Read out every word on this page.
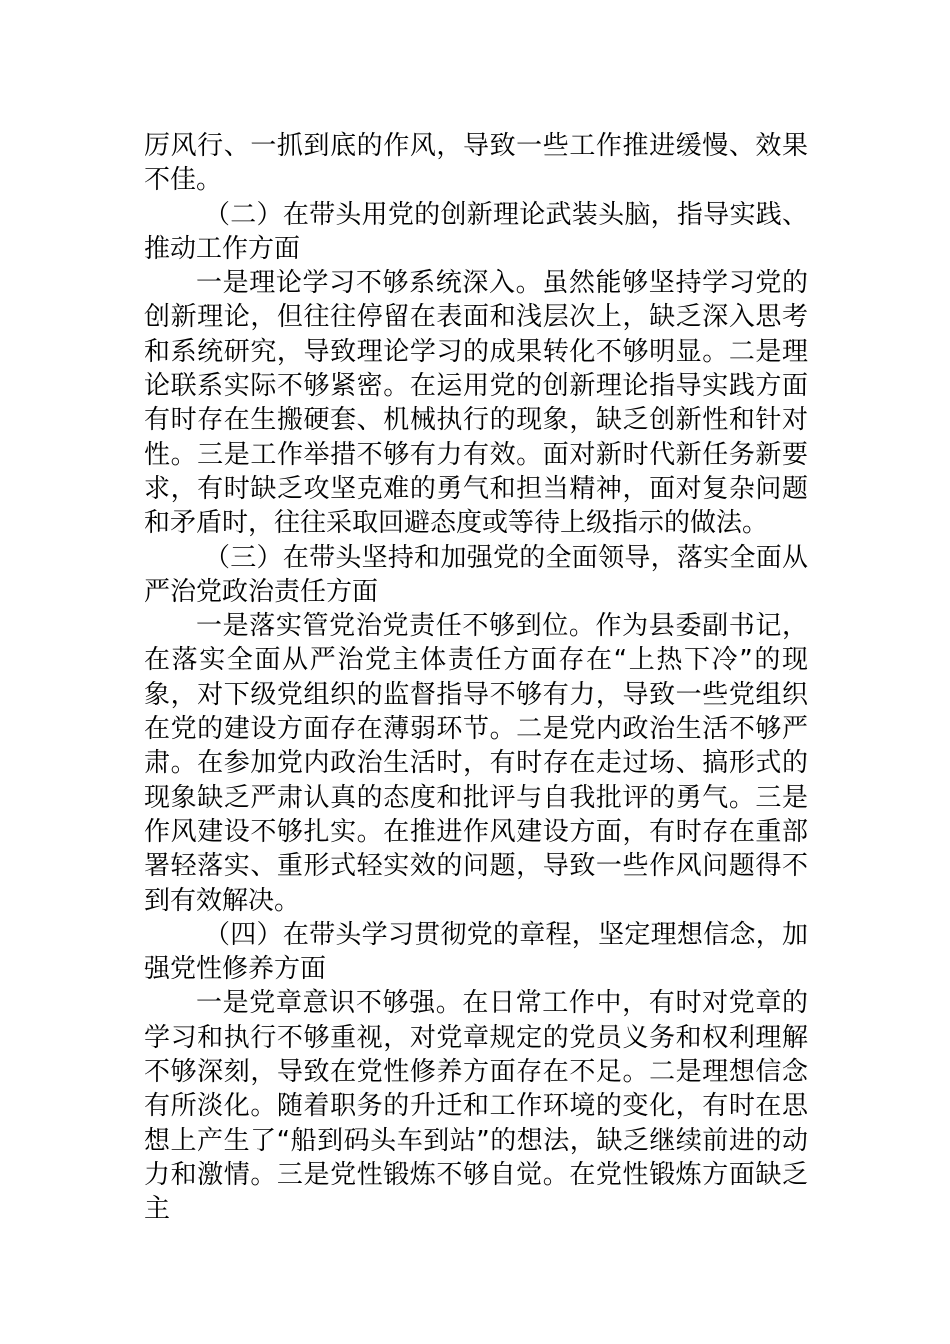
厉风行、一抓到底的作风，导致一些工作推进缓慢、效果不佳。

（二）在带头用党的创新理论武装头脑，指导实践、推动工作方面

一是理论学习不够系统深入。虽然能够坚持学习党的创新理论，但往往停留在表面和浅层次上，缺乏深入思考和系统研究，导致理论学习的成果转化不够明显。二是理论联系实际不够紧密。在运用党的创新理论指导实践方面有时存在生搬硬套、机械执行的现象，缺乏创新性和针对性。三是工作举措不够有力有效。面对新时代新任务新要求，有时缺乏攻坚克难的勇气和担当精神，面对复杂问题和矛盾时，往往采取回避态度或等待上级指示的做法。

（三）在带头坚持和加强党的全面领导，落实全面从严治党政治责任方面

一是落实管党治党责任不够到位。作为县委副书记，在落实全面从严治党主体责任方面存在“上热下冷”的现象，对下级党组织的监督指导不够有力，导致一些党组织在党的建设方面存在薄弱环节。二是党内政治生活不够严肃。在参加党内政治生活时，有时存在走过场、搞形式的现象缺乏严肃认真的态度和批评与自我批评的勇气。三是作风建设不够扎实。在推进作风建设方面，有时存在重部署轻落实、重形式轻实效的问题，导致一些作风问题得不到有效解决。

（四）在带头学习贯彻党的章程，坚定理想信念，加强党性修养方面

一是党章意识不够强。在日常工作中，有时对党章的学习和执行不够重视，对党章规定的党员义务和权利理解不够深刻，导致在党性修养方面存在不足。二是理想信念有所淡化。随着职务的升迁和工作环境的变化，有时在思想上产生了“船到码头车到站”的想法，缺乏继续前进的动力和激情。三是党性锻炼不够自觉。在党性锻炼方面缺乏主
